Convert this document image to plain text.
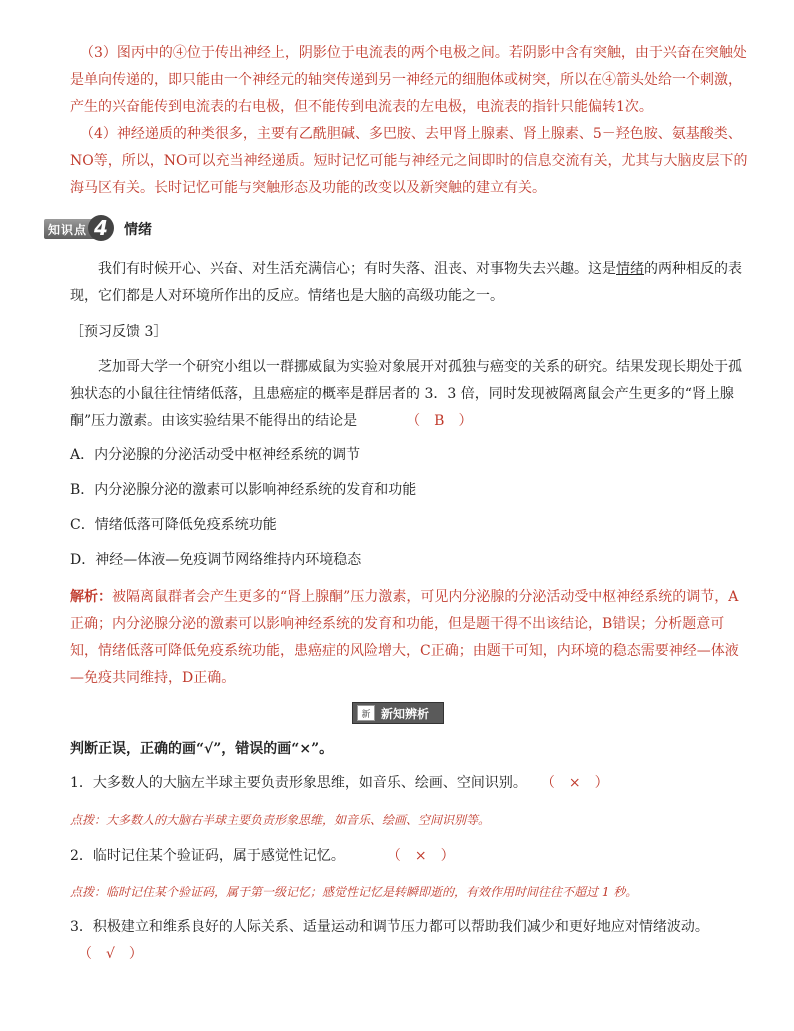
（3）图丙中的④位于传出神经上，阴影位于电流表的两个电极之间。若阴影中含有突触，由于兴奋在突触处是单向传递的，即只能由一个神经元的轴突传递到另一神经元的细胞体或树突，所以在④箭头处给一个刺激，产生的兴奋能传到电流表的右电极，但不能传到电流表的左电极，电流表的指针只能偏转1次。

（4）神经递质的种类很多，主要有乙酰胆碱、多巴胺、去甲肾上腺素、肾上腺素、5－羟色胺、氨基酸类、NO等，所以，NO可以充当神经递质。短时记忆可能与神经元之间即时的信息交流有关，尤其与大脑皮层下的海马区有关。长时记忆可能与突触形态及功能的改变以及新突触的建立有关。

知识点 4	情绪

我们有时候开心、兴奋、对生活充满信心；有时失落、沮丧、对事物失去兴趣。这是情绪的两种相反的表现，它们都是人对环境所作出的反应。情绪也是大脑的高级功能之一。

［预习反馈 3］

芝加哥大学一个研究小组以一群挪威鼠为实验对象展开对孤独与癌变的关系的研究。结果发现长期处于孤独状态的小鼠往往情绪低落，且患癌症的概率是群居者的 3．3 倍，同时发现被隔离鼠会产生更多的“肾上腺酮”压力激素。由该实验结果不能得出的结论是　　　　	（　B　）

A．内分泌腺的分泌活动受中枢神经系统的调节

B．内分泌腺分泌的激素可以影响神经系统的发育和功能

C．情绪低落可降低免疫系统功能

D．神经—体液—免疫调节网络维持内环境稳态

解析：被隔离鼠群者会产生更多的“肾上腺酮”压力激素，可见内分泌腺的分泌活动受中枢神经系统的调节，A正确；内分泌腺分泌的激素可以影响神经系统的发育和功能，但是题干得不出该结论，B错误；分析题意可知，情绪低落可降低免疫系统功能，患癌症的风险增大，C正确；由题干可知，内环境的稳态需要神经—体液—免疫共同维持，D正确。

新 新知辨析

判断正误，正确的画“√”，错误的画“×”。

1．大多数人的大脑左半球主要负责形象思维，如音乐、绘画、空间识别。　　 （　×　）

点拨：大多数人的大脑右半球主要负责形象思维，如音乐、绘画、空间识别等。

2．临时记住某个验证码，属于感觉性记忆。　　　　	（　×　）

点拨：临时记住某个验证码，属于第一级记忆；感觉性记忆是转瞬即逝的，有效作用时间往往不超过 1 秒。

3．积极建立和维系良好的人际关系、适量运动和调节压力都可以帮助我们减少和更好地应对情绪波动。
（　√　）
